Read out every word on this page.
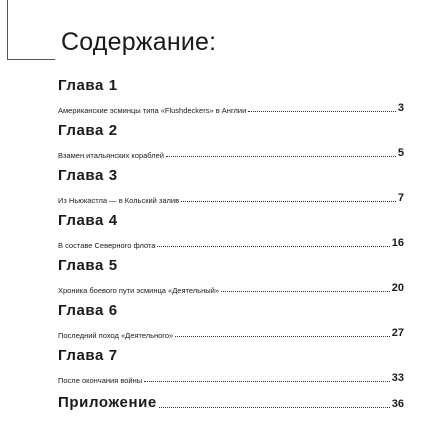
Содержание:
Глава 1
Американские эсминцы типа «Flushdeckers» в Англии	3
Глава 2
Взамен итальянских кораблей	5
Глава 3
Из Ньюкастла — в Кольский залив	7
Глава 4
В составе Северного флота	16
Глава 5
Хроника боевого пути эсминца «Деятельный»	20
Глава 6
Последний поход «Деятельного»	27
Глава 7
После окончания войны	33
Приложение	36
